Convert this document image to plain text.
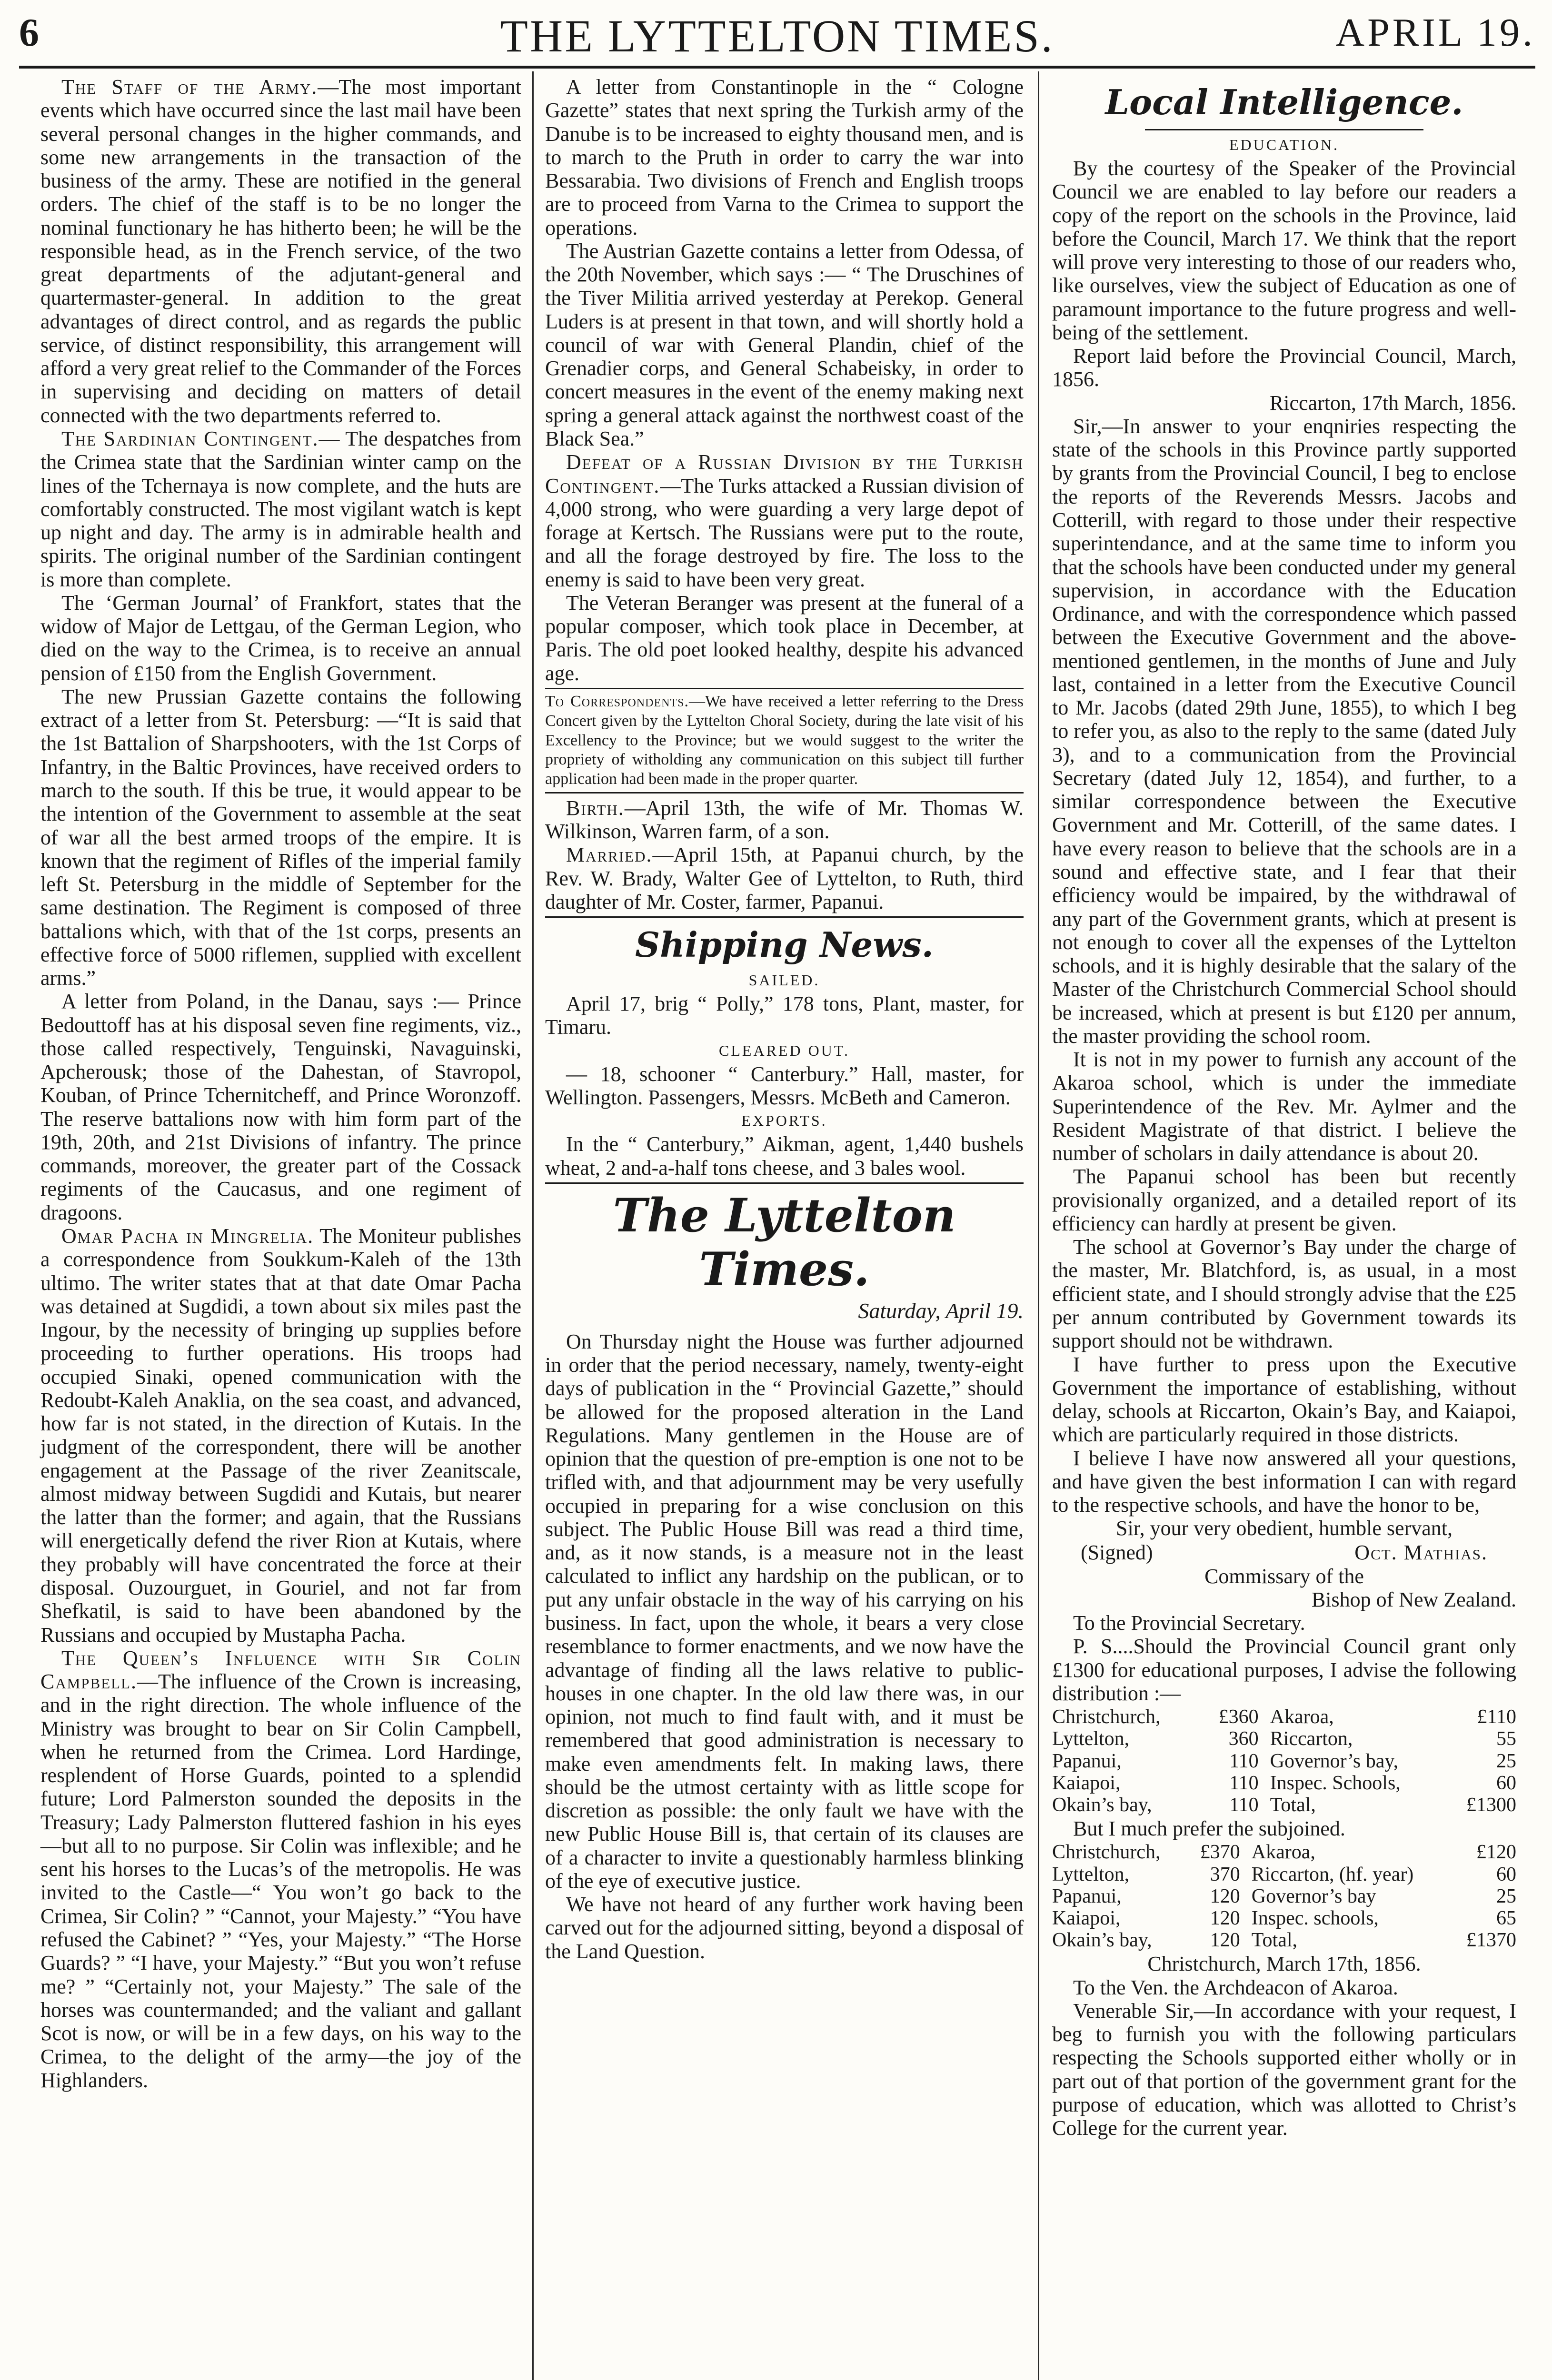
6	THE LYTTELTON TIMES.	APRIL 19.

The Staff of the Army.—The most important events which have occurred since the last mail have been several personal changes in the higher commands, and some new arrangements in the transaction of the business of the army. These are notified in the general orders. The chief of the staff is to be no longer the nominal functionary he has hitherto been; he will be the responsible head, as in the French service, of the two great departments of the adjutant-general and quartermaster-general. In addition to the great advantages of direct control, and as regards the public service, of distinct responsibility, this arrangement will afford a very great relief to the Commander of the Forces in supervising and deciding on matters of detail connected with the two departments referred to.

The Sardinian Contingent.— The despatches from the Crimea state that the Sardinian winter camp on the lines of the Tchernaya is now complete, and the huts are comfortably constructed. The most vigilant watch is kept up night and day. The army is in admirable health and spirits. The original number of the Sardinian contingent is more than complete.

The ‘German Journal’ of Frankfort, states that the widow of Major de Lettgau, of the German Legion, who died on the way to the Crimea, is to receive an annual pension of £150 from the English Government.

The new Prussian Gazette contains the following extract of a letter from St. Petersburg: —“It is said that the 1st Battalion of Sharpshooters, with the 1st Corps of Infantry, in the Baltic Provinces, have received orders to march to the south. If this be true, it would appear to be the intention of the Government to assemble at the seat of war all the best armed troops of the empire. It is known that the regiment of Rifles of the imperial family left St. Petersburg in the middle of September for the same destination. The Regiment is composed of three battalions which, with that of the 1st corps, presents an effective force of 5000 riflemen, supplied with excellent arms.”

A letter from Poland, in the Danau, says :— Prince Bedouttoff has at his disposal seven fine regiments, viz., those called respectively, Tenguinski, Navaguinski, Apcherousk; those of the Dahestan, of Stavropol, Kouban, of Prince Tchernitcheff, and Prince Woronzoff. The reserve battalions now with him form part of the 19th, 20th, and 21st Divisions of infantry. The prince commands, moreover, the greater part of the Cossack regiments of the Caucasus, and one regiment of dragoons.

Omar Pacha in Mingrelia. The Moniteur publishes a correspondence from Soukkum-Kaleh of the 13th ultimo. The writer states that at that date Omar Pacha was detained at Sugdidi, a town about six miles past the Ingour, by the necessity of bringing up supplies before proceeding to further operations. His troops had occupied Sinaki, opened communication with the Redoubt-Kaleh Anaklia, on the sea coast, and advanced, how far is not stated, in the direction of Kutais. In the judgment of the correspondent, there will be another engagement at the Passage of the river Zeanitscale, almost midway between Sugdidi and Kutais, but nearer the latter than the former; and again, that the Russians will energetically defend the river Rion at Kutais, where they probably will have concentrated the force at their disposal. Ouzourguet, in Gouriel, and not far from Shefkatil, is said to have been abandoned by the Russians and occupied by Mustapha Pacha.

The Queen’s Influence with Sir Colin Campbell.—The influence of the Crown is increasing, and in the right direction. The whole influence of the Ministry was brought to bear on Sir Colin Campbell, when he returned from the Crimea. Lord Hardinge, resplendent of Horse Guards, pointed to a splendid future; Lord Palmerston sounded the deposits in the Treasury; Lady Palmerston fluttered fashion in his eyes—but all to no purpose. Sir Colin was inflexible; and he sent his horses to the Lucas’s of the metropolis. He was invited to the Castle—“ You won’t go back to the Crimea, Sir Colin? ” “Cannot, your Majesty.” “You have refused the Cabinet? ” “Yes, your Majesty.” “The Horse Guards? ” “I have, your Majesty.” “But you won’t refuse me? ” “Certainly not, your Majesty.” The sale of the horses was countermanded; and the valiant and gallant Scot is now, or will be in a few days, on his way to the Crimea, to the delight of the army—the joy of the Highlanders.

A letter from Constantinople in the “ Cologne Gazette” states that next spring the Turkish army of the Danube is to be increased to eighty thousand men, and is to march to the Pruth in order to carry the war into Bessarabia. Two divisions of French and English troops are to proceed from Varna to the Crimea to support the operations.

The Austrian Gazette contains a letter from Odessa, of the 20th November, which says :— “ The Druschines of the Tiver Militia arrived yesterday at Perekop. General Luders is at present in that town, and will shortly hold a council of war with General Plandin, chief of the Grenadier corps, and General Schabeisky, in order to concert measures in the event of the enemy making next spring a general attack against the northwest coast of the Black Sea.”

Defeat of a Russian Division by the Turkish Contingent.—The Turks attacked a Russian division of 4,000 strong, who were guarding a very large depot of forage at Kertsch. The Russians were put to the route, and all the forage destroyed by fire. The loss to the enemy is said to have been very great.

The Veteran Beranger was present at the funeral of a popular composer, which took place in December, at Paris. The old poet looked healthy, despite his advanced age.

To Correspondents.—We have received a letter referring to the Dress Concert given by the Lyttelton Choral Society, during the late visit of his Excellency to the Province; but we would suggest to the writer the propriety of witholding any communication on this subject till further application had been made in the proper quarter.

Birth.—April 13th, the wife of Mr. Thomas W. Wilkinson, Warren farm, of a son.

Married.—April 15th, at Papanui church, by the Rev. W. Brady, Walter Gee of Lyttelton, to Ruth, third daughter of Mr. Coster, farmer, Papanui.

Shipping News.
SAILED.

April 17, brig “ Polly,” 178 tons, Plant, master, for Timaru.

CLEARED OUT.

— 18, schooner “ Canterbury.” Hall, master, for Wellington. Passengers, Messrs. McBeth and Cameron.

EXPORTS.

In the “ Canterbury,” Aikman, agent, 1,440 bushels wheat, 2 and-a-half tons cheese, and 3 bales wool.

The Lyttelton Times.
Saturday, April 19.

On Thursday night the House was further adjourned in order that the period necessary, namely, twenty-eight days of publication in the “ Provincial Gazette,” should be allowed for the proposed alteration in the Land Regulations. Many gentlemen in the House are of opinion that the question of pre-emption is one not to be trifled with, and that adjournment may be very usefully occupied in preparing for a wise conclusion on this subject. The Public House Bill was read a third time, and, as it now stands, is a measure not in the least calculated to inflict any hardship on the publican, or to put any unfair obstacle in the way of his carrying on his business. In fact, upon the whole, it bears a very close resemblance to former enactments, and we now have the advantage of finding all the laws relative to public-houses in one chapter. In the old law there was, in our opinion, not much to find fault with, and it must be remembered that good administration is necessary to make even amendments felt. In making laws, there should be the utmost certainty with as little scope for discretion as possible: the only fault we have with the new Public House Bill is, that certain of its clauses are of a character to invite a questionably harmless blinking of the eye of executive justice.

We have not heard of any further work having been carved out for the adjourned sitting, beyond a disposal of the Land Question.

Local Intelligence.
EDUCATION.

By the courtesy of the Speaker of the Provincial Council we are enabled to lay before our readers a copy of the report on the schools in the Province, laid before the Council, March 17. We think that the report will prove very interesting to those of our readers who, like ourselves, view the subject of Education as one of paramount importance to the future progress and well-being of the settlement.

Report laid before the Provincial Council, March, 1856.

Riccarton, 17th March, 1856.

Sir,—In answer to your enqniries respecting the state of the schools in this Province partly supported by grants from the Provincial Council, I beg to enclose the reports of the Reverends Messrs. Jacobs and Cotterill, with regard to those under their respective superintendance, and at the same time to inform you that the schools have been conducted under my general supervision, in accordance with the Education Ordinance, and with the correspondence which passed between the Executive Government and the above-mentioned gentlemen, in the months of June and July last, contained in a letter from the Executive Council to Mr. Jacobs (dated 29th June, 1855), to which I beg to refer you, as also to the reply to the same (dated July 3), and to a communication from the Provincial Secretary (dated July 12, 1854), and further, to a similar correspondence between the Executive Government and Mr. Cotterill, of the same dates. I have every reason to believe that the schools are in a sound and effective state, and I fear that their efficiency would be impaired, by the withdrawal of any part of the Government grants, which at present is not enough to cover all the expenses of the Lyttelton schools, and it is highly desirable that the salary of the Master of the Christchurch Commercial School should be increased, which at present is but £120 per annum, the master providing the school room.

It is not in my power to furnish any account of the Akaroa school, which is under the immediate Superintendence of the Rev. Mr. Aylmer and the Resident Magistrate of that district. I believe the number of scholars in daily attendance is about 20.

The Papanui school has been but recently provisionally organized, and a detailed report of its efficiency can hardly at present be given.

The school at Governor’s Bay under the charge of the master, Mr. Blatchford, is, as usual, in a most efficient state, and I should strongly advise that the £25 per annum contributed by Government towards its support should not be withdrawn.

I have further to press upon the Executive Government the importance of establishing, without delay, schools at Riccarton, Okain’s Bay, and Kaiapoi, which are particularly required in those districts.

I believe I have now answered all your questions, and have given the best information I can with regard to the respective schools, and have the honor to be,

Sir, your very obedient, humble servant,

(Signed)	Oct. Mathias.

Commissary of the

Bishop of New Zealand.

To the Provincial Secretary.

P. S....Should the Provincial Council grant only £1300 for educational purposes, I advise the following distribution :—

Christchurch,	£360	Akaroa,	£110
Lyttelton,	360	Riccarton,	55
Papanui,	110	Governor’s bay,	25
Kaiapoi,	110	Inspec. Schools,	60
Okain’s bay,	110	Total,	£1300

But I much prefer the subjoined.

Christchurch,	£370	Akaroa,	£120
Lyttelton,	370	Riccarton, (hf. year)	60
Papanui,	120	Governor’s bay	25
Kaiapoi,	120	Inspec. schools,	65
Okain’s bay,	120	Total,	£1370

Christchurch, March 17th, 1856.

To the Ven. the Archdeacon of Akaroa.

Venerable Sir,—In accordance with your request, I beg to furnish you with the following particulars respecting the Schools supported either wholly or in part out of that portion of the government grant for the purpose of education, which was allotted to Christ’s College for the current year.
